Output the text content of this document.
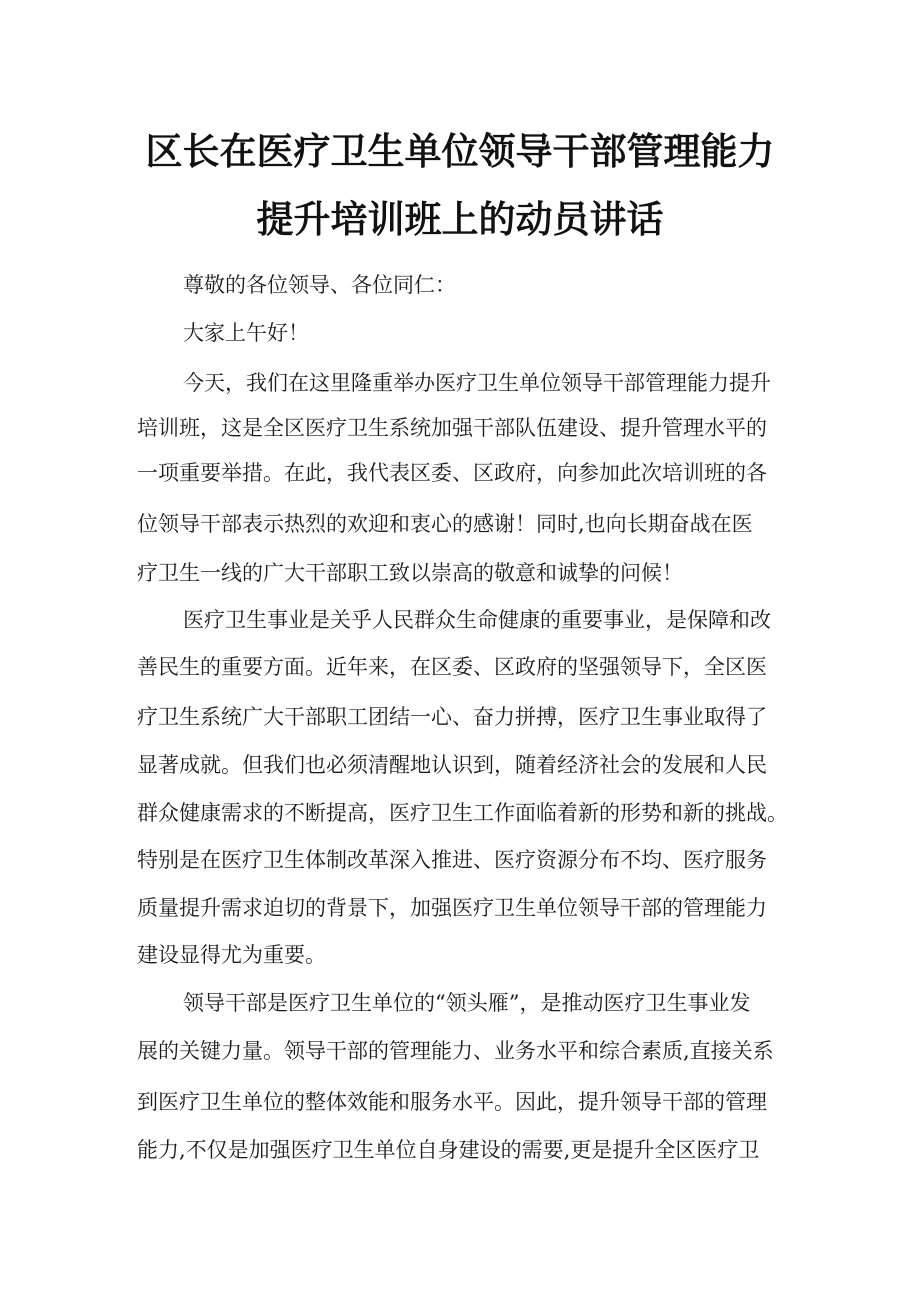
区长在医疗卫生单位领导干部管理能力
提升培训班上的动员讲话
尊敬的各位领导、各位同仁：
大家上午好！
今天，我们在这里隆重举办医疗卫生单位领导干部管理能力提升
培训班，这是全区医疗卫生系统加强干部队伍建设、提升管理水平的
一项重要举措。在此，我代表区委、区政府，向参加此次培训班的各
位领导干部表示热烈的欢迎和衷心的感谢！同时,也向长期奋战在医
疗卫生一线的广大干部职工致以崇高的敬意和诚挚的问候！
医疗卫生事业是关乎人民群众生命健康的重要事业，是保障和改
善民生的重要方面。近年来，在区委、区政府的坚强领导下，全区医
疗卫生系统广大干部职工团结一心、奋力拼搏，医疗卫生事业取得了
显著成就。但我们也必须清醒地认识到，随着经济社会的发展和人民
群众健康需求的不断提高，医疗卫生工作面临着新的形势和新的挑战。
特别是在医疗卫生体制改革深入推进、医疗资源分布不均、医疗服务
质量提升需求迫切的背景下，加强医疗卫生单位领导干部的管理能力
建设显得尤为重要。
领导干部是医疗卫生单位的“领头雁”，是推动医疗卫生事业发
展的关键力量。领导干部的管理能力、业务水平和综合素质,直接关系
到医疗卫生单位的整体效能和服务水平。因此，提升领导干部的管理
能力,不仅是加强医疗卫生单位自身建设的需要,更是提升全区医疗卫
